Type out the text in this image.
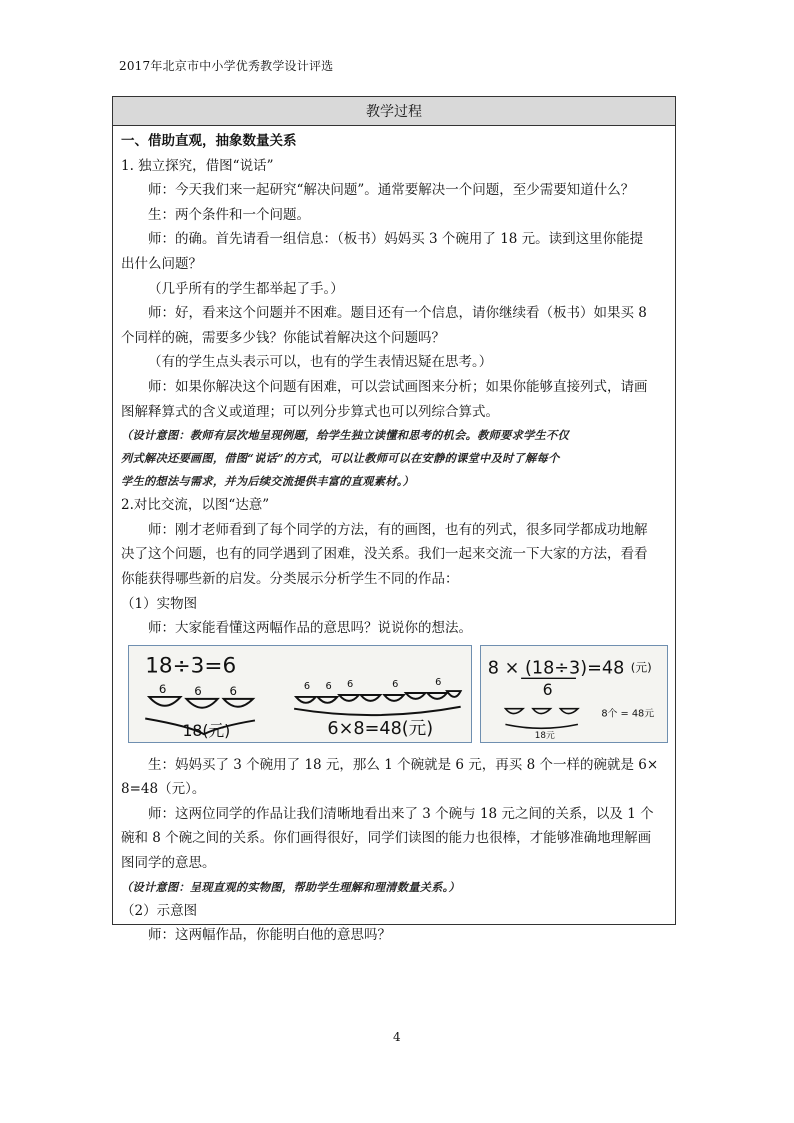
2017年北京市中小学优秀教学设计评选
教学过程
一、借助直观，抽象数量关系
1. 独立探究，借图“说话”
师：今天我们来一起研究“解决问题”。通常要解决一个问题，至少需要知道什么？
生：两个条件和一个问题。
师：的确。首先请看一组信息：（板书）妈妈买 3 个碗用了 18 元。读到这里你能提
出什么问题？
（几乎所有的学生都举起了手。）
师：好，看来这个问题并不困难。题目还有一个信息，请你继续看（板书）如果买 8
个同样的碗，需要多少钱？你能试着解决这个问题吗？
（有的学生点头表示可以，也有的学生表情迟疑在思考。）
师：如果你解决这个问题有困难，可以尝试画图来分析；如果你能够直接列式，请画
图解释算式的含义或道理；可以列分步算式也可以列综合算式。
（设计意图：教师有层次地呈现例题，给学生独立读懂和思考的机会。教师要求学生不仅
列式解决还要画图，借图“说话”的方式，可以让教师可以在安静的课堂中及时了解每个
学生的想法与需求，并为后续交流提供丰富的直观素材。）
2.对比交流，以图“达意”
师：刚才老师看到了每个同学的方法，有的画图，也有的列式，很多同学都成功地解
决了这个问题，也有的同学遇到了困难，没关系。我们一起来交流一下大家的方法，看看
你能获得哪些新的启发。分类展示分析学生不同的作品：
（1）实物图
师：大家能看懂这两幅作品的意思吗？说说你的想法。
18÷3=6
6 6 6	6 6 6	6	6
18(元)	6×8=48(元)
8 × (18÷3)=48 (元)
6
8个 = 48元
18元
生：妈妈买了 3 个碗用了 18 元，那么 1 个碗就是 6 元，再买 8 个一样的碗就是 6×
8=48（元）。
师：这两位同学的作品让我们清晰地看出来了 3 个碗与 18 元之间的关系，以及 1 个
碗和 8 个碗之间的关系。你们画得很好，同学们读图的能力也很棒，才能够准确地理解画
图同学的意思。
（设计意图：呈现直观的实物图，帮助学生理解和理清数量关系。）
（2）示意图
师：这两幅作品，你能明白他的意思吗？
4
